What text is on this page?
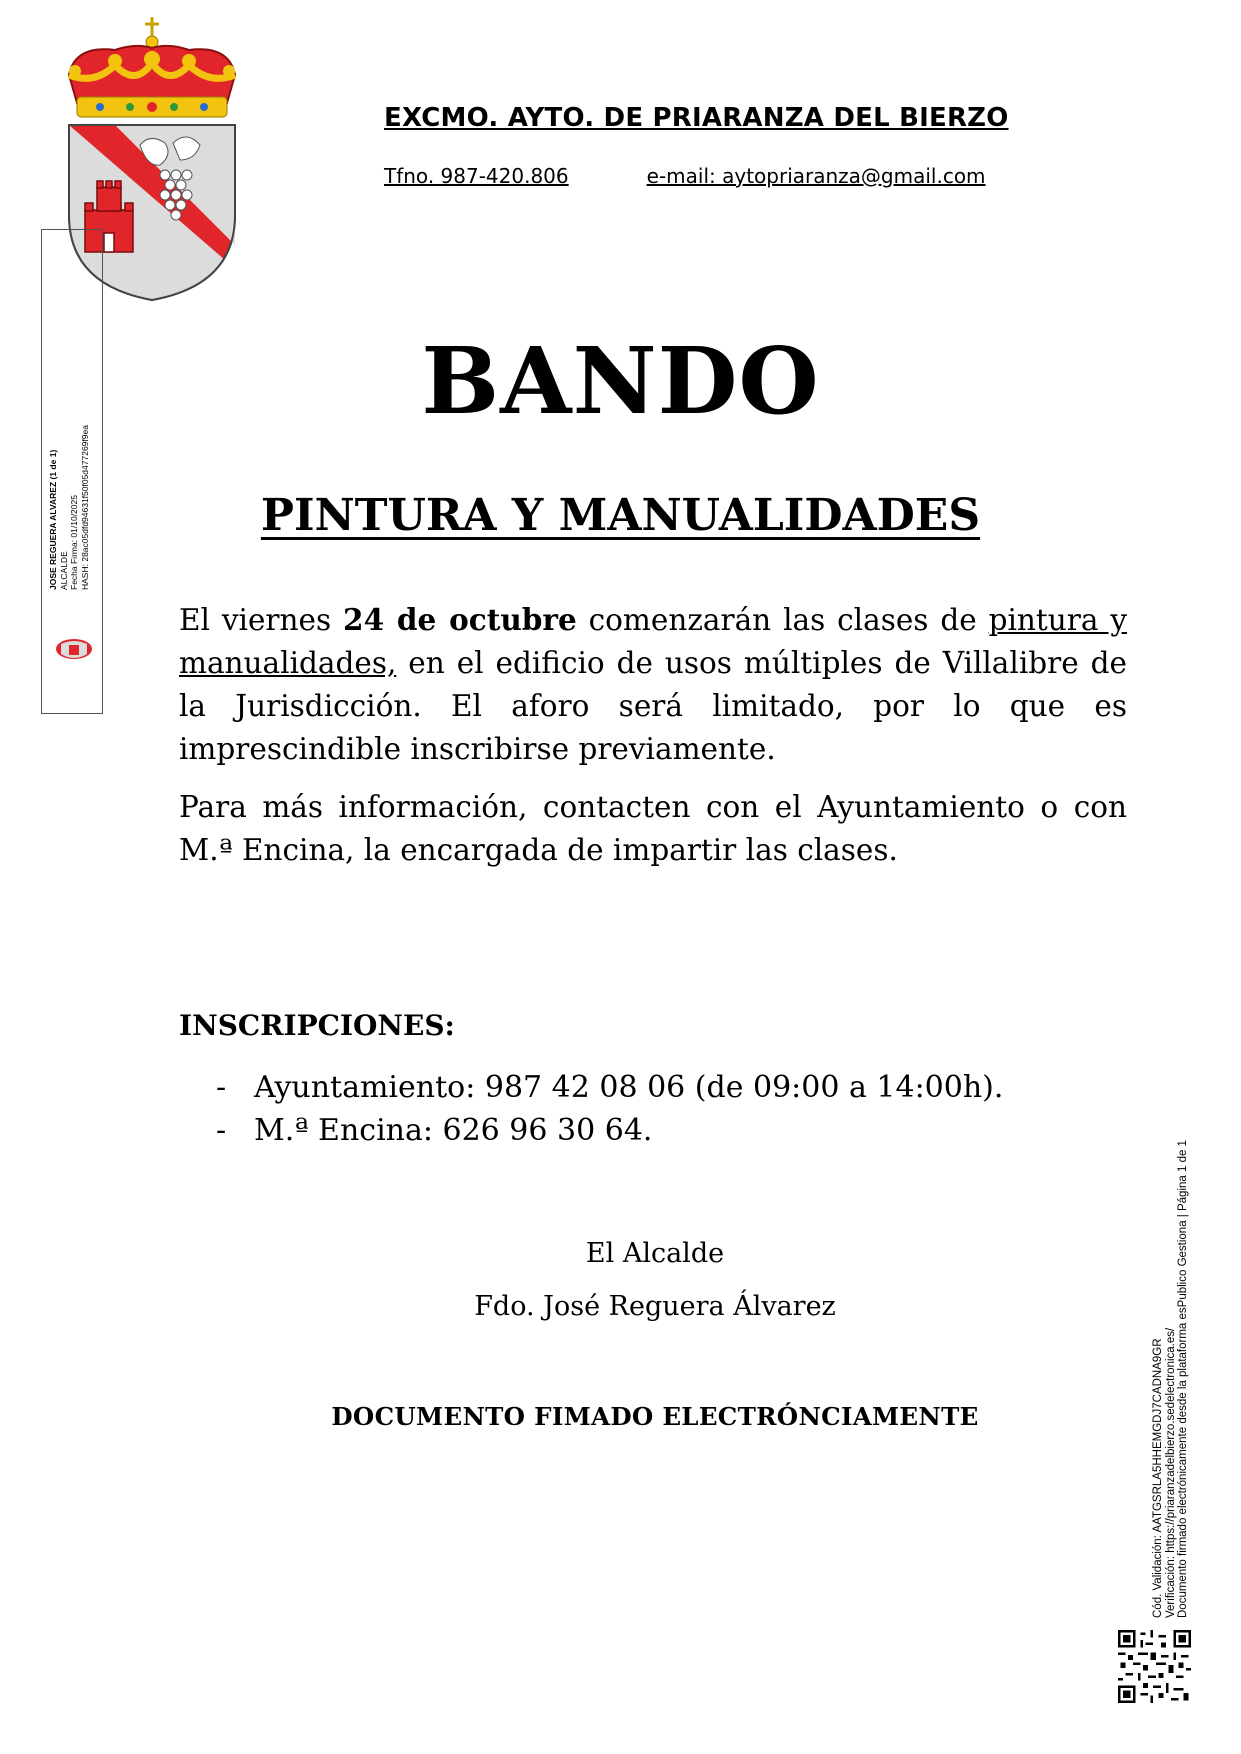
EXCMO. AYTO. DE PRIARANZA DEL BIERZO
Tfno. 987-420.806	e-mail: aytopriaranza@gmail.com
JOSE REGUERA ALVAREZ (1 de 1) ALCALDE Fecha Firma: 01/10/2025 HASH: 28ac05dfd94631f50f05d477269f9ea
BANDO
PINTURA Y MANUALIDADES
El viernes 24 de octubre comenzarán las clases de pintura y manualidades, en el edificio de usos múltiples de Villalibre de la Jurisdicción. El aforo será limitado, por lo que es imprescindible inscribirse previamente.
Para más información, contacten con el Ayuntamiento o con M.ª Encina, la encargada de impartir las clases.
INSCRIPCIONES:
- Ayuntamiento: 987 42 08 06 (de 09:00 a 14:00h).
- M.ª Encina: 626 96 30 64.
El Alcalde
Fdo. José Reguera Álvarez
DOCUMENTO FIMADO ELECTRÓNCIAMENTE	Cód. Validación: AATGSRLA5HHEMGDJ7CADNA9GR Verificación: https://priaranzadelbierzo.sedelectronica.es/ Documento firmado electrónicamente desde la plataforma esPublico Gestiona | Página 1 de 1
